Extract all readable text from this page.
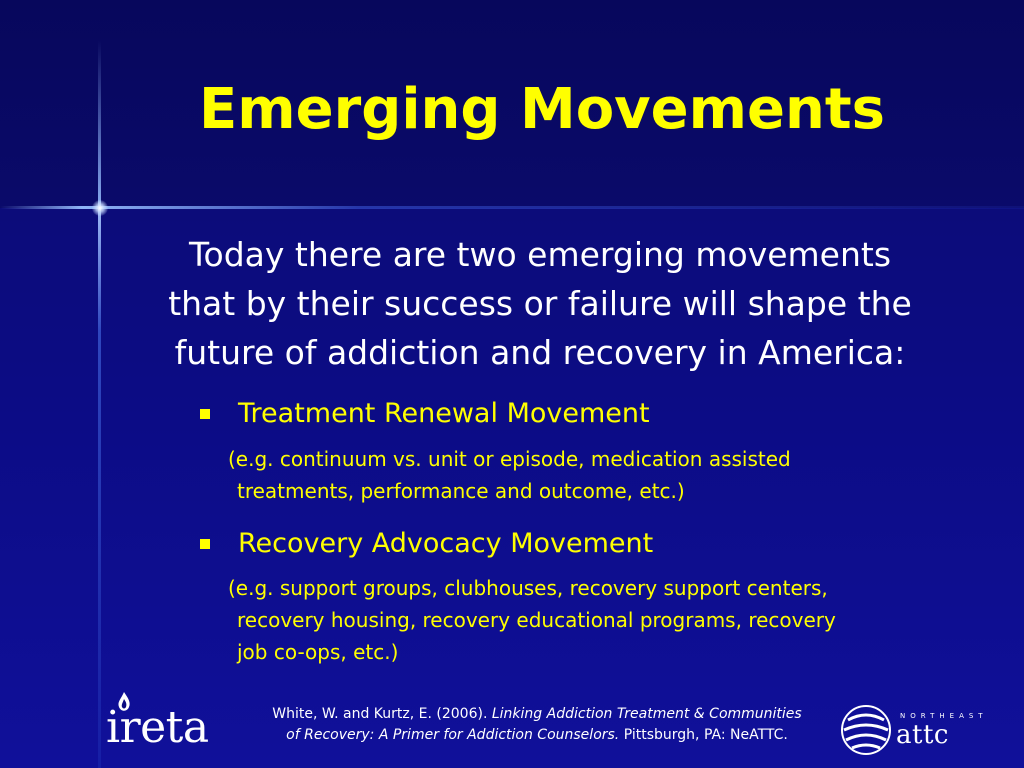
Emerging Movements
Today there are two emerging movements
that by their success or failure will shape the
future of addiction and recovery in America:
Treatment Renewal Movement
(e.g. continuum vs. unit or episode, medication assisted
treatments, performance and outcome, etc.)
Recovery Advocacy Movement
(e.g. support groups, clubhouses, recovery support centers,
recovery housing, recovery educational programs, recovery
job co-ops, etc.)
ireta	White, W. and Kurtz, E. (2006). Linking Addiction Treatment & Communities
of Recovery: A Primer for Addiction Counselors. Pittsburgh, PA: NeATTC.
NORTHEAST
attc
